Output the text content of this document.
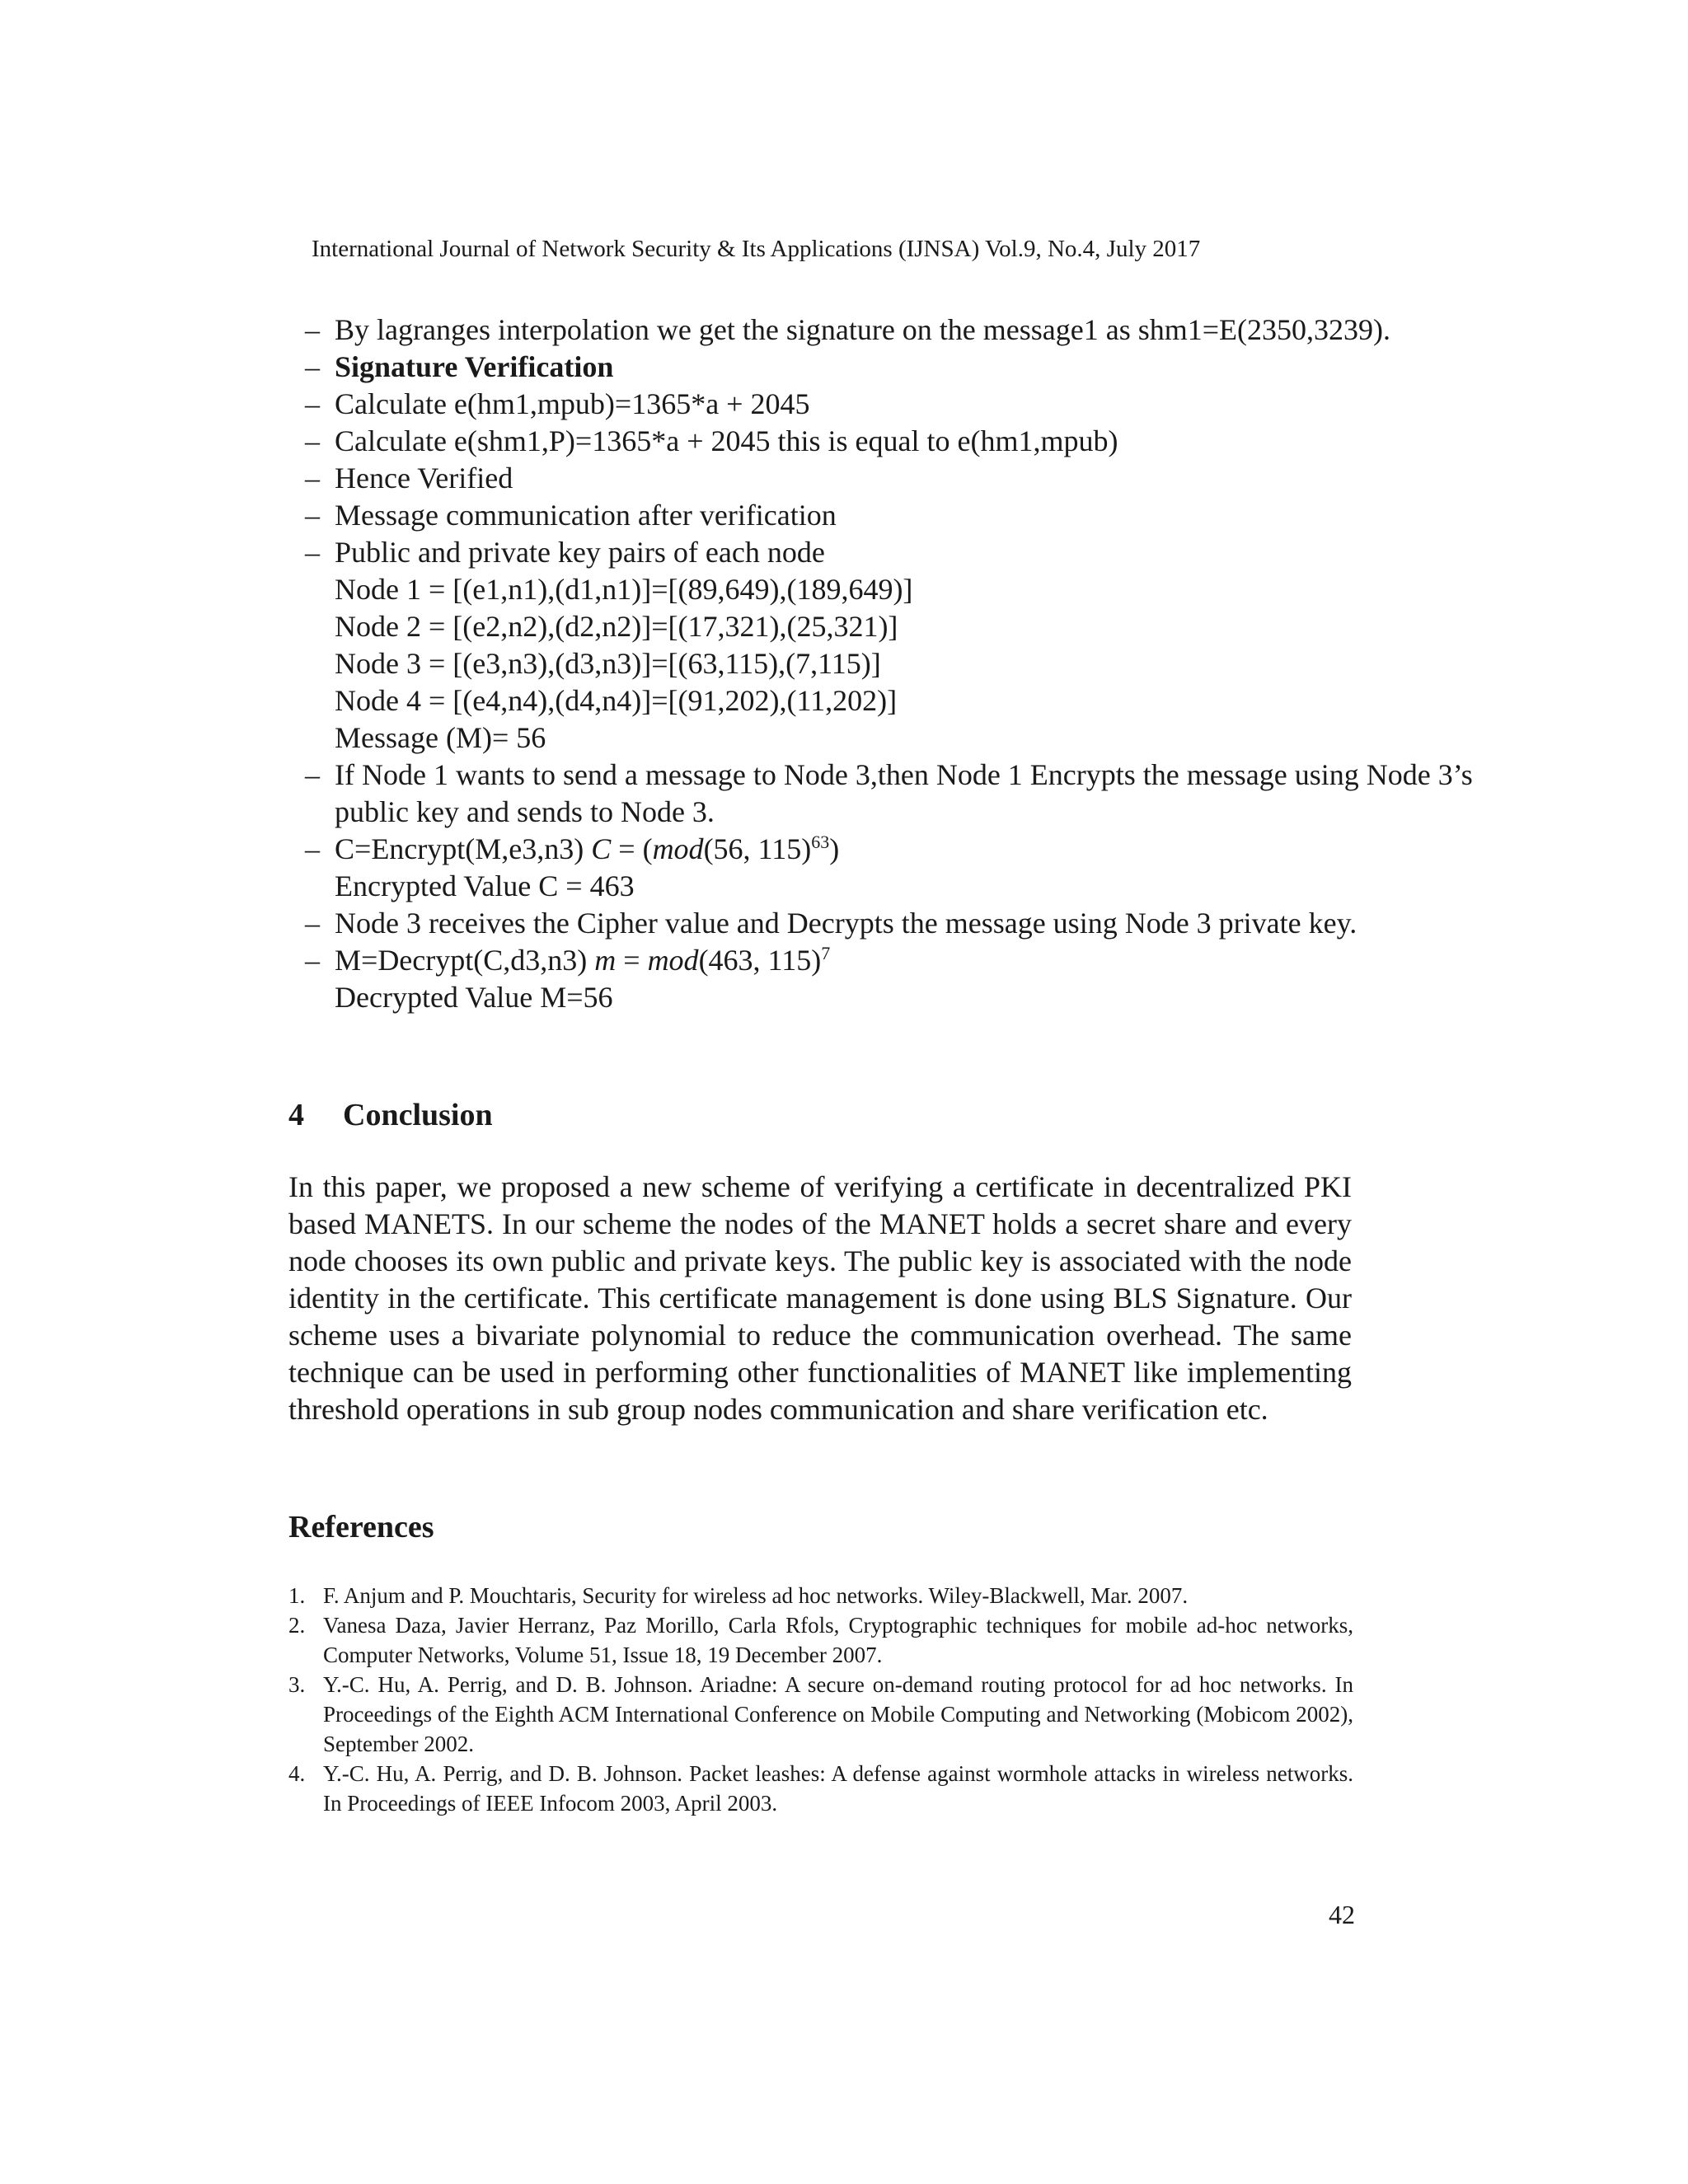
International Journal of Network Security & Its Applications (IJNSA) Vol.9, No.4, July 2017
– By lagranges interpolation we get the signature on the message1 as shm1=E(2350,3239).
– Signature Verification
– Calculate e(hm1,mpub)=1365*a + 2045
– Calculate e(shm1,P)=1365*a + 2045 this is equal to e(hm1,mpub)
– Hence Verified
– Message communication after verification
– Public and private key pairs of each node
Node 1 = [(e1,n1),(d1,n1)]=[(89,649),(189,649)]
Node 2 = [(e2,n2),(d2,n2)]=[(17,321),(25,321)]
Node 3 = [(e3,n3),(d3,n3)]=[(63,115),(7,115)]
Node 4 = [(e4,n4),(d4,n4)]=[(91,202),(11,202)]
Message (M)= 56
– If Node 1 wants to send a message to Node 3,then Node 1 Encrypts the message using Node 3’s public key and sends to Node 3.
– C=Encrypt(M,e3,n3) C = (mod(56, 115)$^{63}$)
Encrypted Value C = 463
– Node 3 receives the Cipher value and Decrypts the message using Node 3 private key.
– M=Decrypt(C,d3,n3) m = mod(463, 115)$^7$
Decrypted Value M=56
4 Conclusion

In this paper, we proposed a new scheme of verifying a certificate in decentralized PKI based MANETS. In our scheme the nodes of the MANET holds a secret share and every node chooses its own public and private keys. The public key is associated with the node identity in the certificate. This certificate management is done using BLS Signature. Our scheme uses a bivariate polynomial to reduce the communication overhead. The same technique can be used in performing other functionalities of MANET like implementing threshold operations in sub group nodes communication and share verification etc.

References
1. F. Anjum and P. Mouchtaris, Security for wireless ad hoc networks. Wiley-Blackwell, Mar. 2007.
2. Vanesa Daza, Javier Herranz, Paz Morillo, Carla Rfols, Cryptographic techniques for mobile ad-hoc networks, Computer Networks, Volume 51, Issue 18, 19 December 2007.
3. Y.-C. Hu, A. Perrig, and D. B. Johnson. Ariadne: A secure on-demand routing protocol for ad hoc networks. In Proceedings of the Eighth ACM International Conference on Mobile Computing and Networking (Mobicom 2002), September 2002.
4. Y.-C. Hu, A. Perrig, and D. B. Johnson. Packet leashes: A defense against wormhole attacks in wireless networks. In Proceedings of IEEE Infocom 2003, April 2003.
42
